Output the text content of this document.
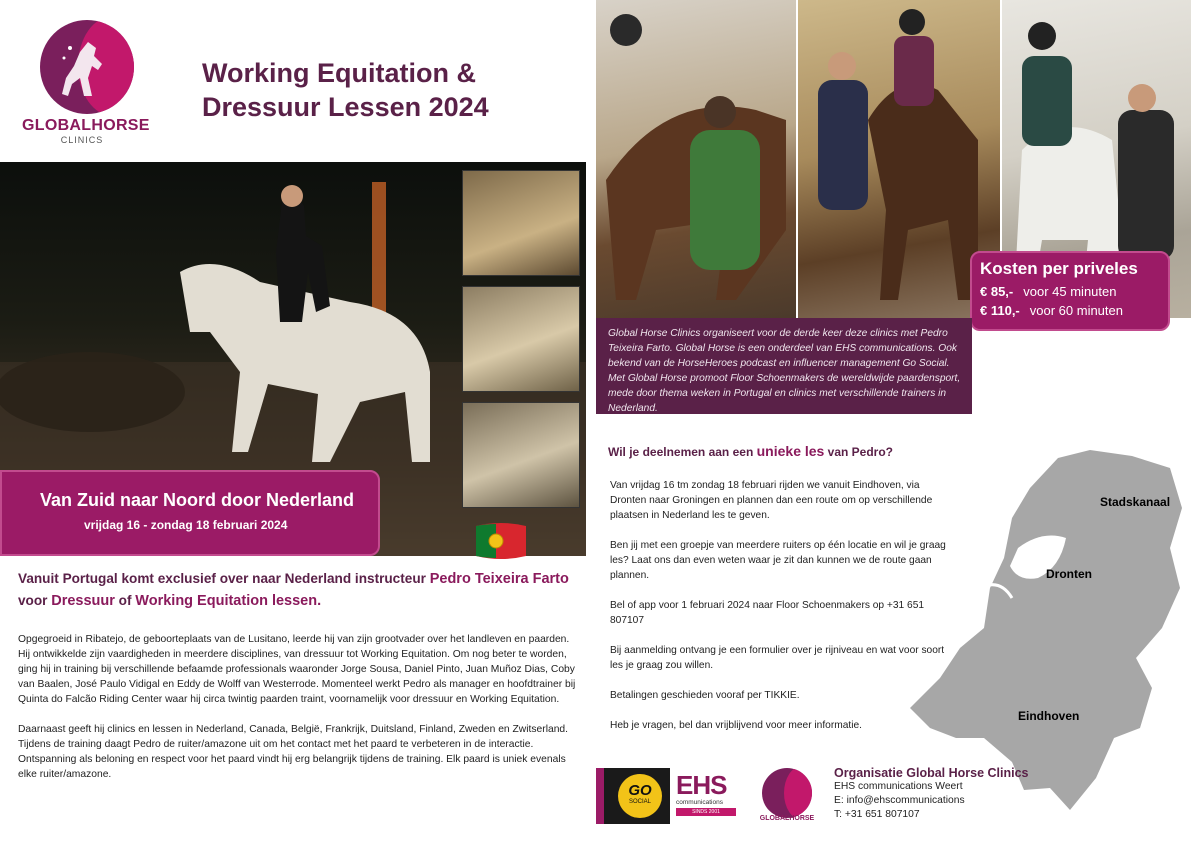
GLOBALHORSE
CLINICS
Working Equitation &
Dressuur Lessen 2024
Van Zuid naar Noord door Nederland
vrijdag 16 - zondag 18 februari 2024
Kosten per priveles
€ 85,- voor 45 minuten
€ 110,- voor 60 minuten

Global Horse Clinics organiseert voor de derde keer deze clinics met Pedro Teixeira Farto. Global Horse is een onderdeel van EHS communications. Ook bekend van de HorseHeroes podcast en influencer management Go Social. Met Global Horse promoot Floor Schoenmakers de wereldwijde paardensport, mede door thema weken in Portugal en clinics met verschillende trainers in Nederland.

Vanuit Portugal komt exclusief over naar Nederland instructeur Pedro Teixeira Farto
voor Dressuur of Working Equitation lessen.

Opgegroeid in Ribatejo, de geboorteplaats van de Lusitano, leerde hij van zijn grootvader over het landleven en paarden. Hij ontwikkelde zijn vaardigheden in meerdere disciplines, van dressuur tot Working Equitation. Om nog beter te worden, ging hij in training bij verschillende befaamde professionals waaronder Jorge Sousa, Daniel Pinto, Juan Muñoz Dias, Coby van Baalen, José Paulo Vidigal en Eddy de Wolff van Westerrode. Momenteel werkt Pedro als manager en hoofdtrainer bij Quinta do Falcão Riding Center waar hij circa twintig paarden traint, voornamelijk voor dressuur en Working Equitation.

Daarnaast geeft hij clinics en lessen in Nederland, Canada, België, Frankrijk, Duitsland, Finland, Zweden en Zwitserland. Tijdens de training daagt Pedro de ruiter/amazone uit om het contact met het paard te verbeteren in de interactie. Ontspanning als beloning en respect voor het paard vindt hij erg belangrijk tijdens de training. Elk paard is uniek evenals elke ruiter/amazone.

Wil je deelnemen aan een unieke les van Pedro?
Stadskanaal
Dronten
Eindhoven

Van vrijdag 16 tm zondag 18 februari rijden we vanuit Eindhoven, via Dronten naar Groningen en plannen dan een route om op verschillende plaatsen in Nederland les te geven.

Ben jij met een groepje van meerdere ruiters op één locatie en wil je graag les? Laat ons dan even weten waar je zit dan kunnen we de route gaan plannen.

Bel of app voor 1 februari 2024 naar Floor Schoenmakers op +31 651 807107

Bij aanmelding ontvang je een formulier over je rijniveau en wat voor soort les je graag zou willen.

Betalingen geschieden vooraf per TIKKIE.

Heb je vragen, bel dan vrijblijvend voor meer informatie.

GO
SOCIAL
EHS
communications
SINDS 2001
GLOBALHORSE
Organisatie Global Horse Clinics
EHS communications Weert
E: info@ehscommunications
T: +31 651 807107
